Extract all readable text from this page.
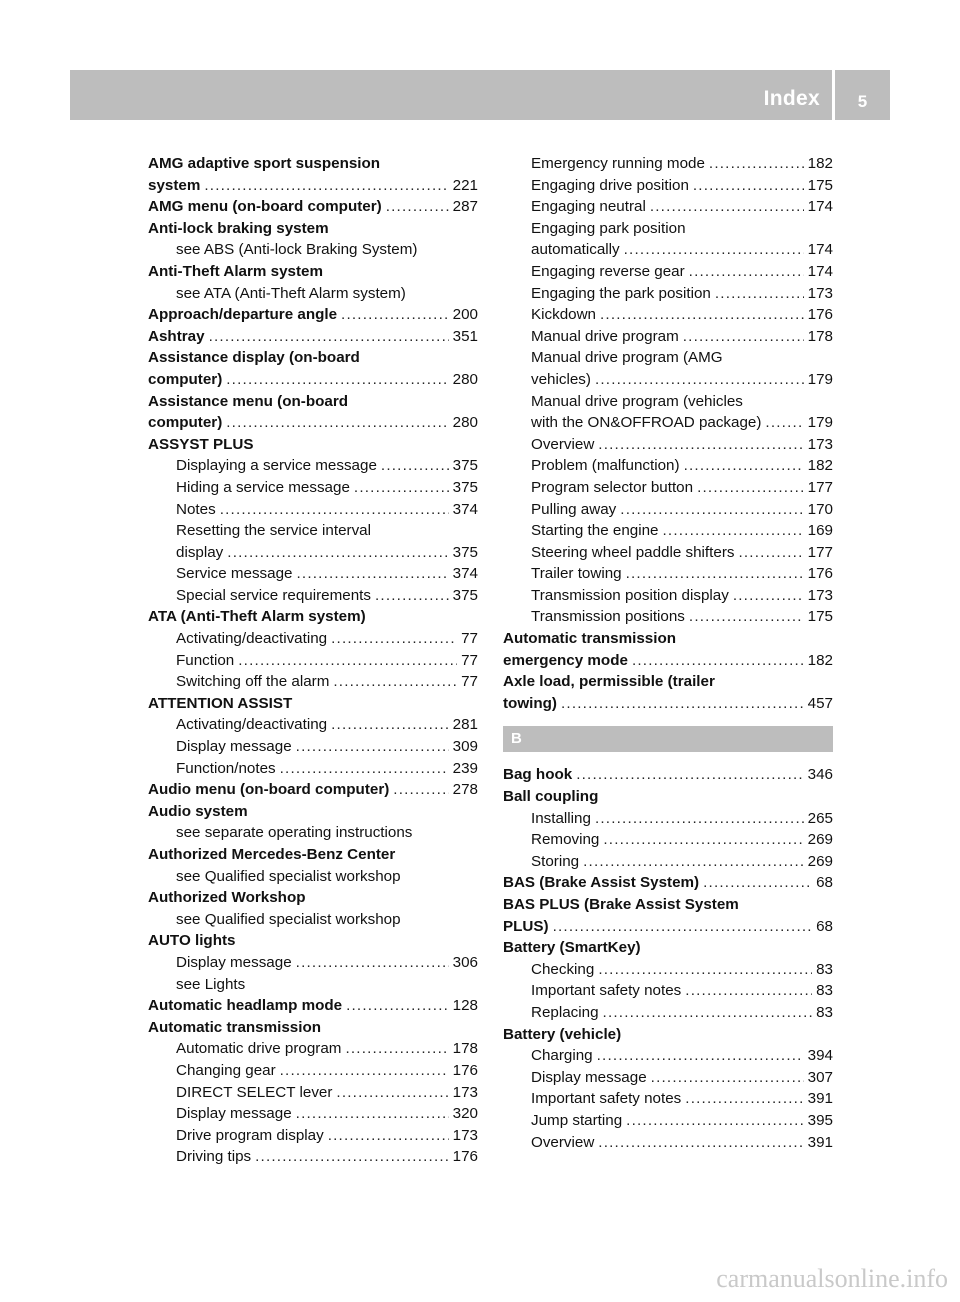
Index	5
AMG adaptive sport suspension
system .....	221
AMG menu (on-board computer) .....	287
Anti-lock braking system
see ABS (Anti-lock Braking System)
Anti-Theft Alarm system
see ATA (Anti-Theft Alarm system)
Approach/departure angle .....	200
Ashtray .....	351
Assistance display (on-board
computer) .....	280
Assistance menu (on-board
computer) .....	280
ASSYST PLUS
Displaying a service message .....	375
Hiding a service message .....	375
Notes .....	374
Resetting the service interval
display .....	375
Service message .....	374
Special service requirements .....	375
ATA (Anti-Theft Alarm system)
Activating/deactivating .....	77
Function .....	77
Switching off the alarm .....	77
ATTENTION ASSIST
Activating/deactivating .....	281
Display message .....	309
Function/notes .....	239
Audio menu (on-board computer) .....	278
Audio system
see separate operating instructions
Authorized Mercedes-Benz Center
see Qualified specialist workshop
Authorized Workshop
see Qualified specialist workshop
AUTO lights
Display message .....	306
see Lights
Automatic headlamp mode .....	128
Automatic transmission
Automatic drive program .....	178
Changing gear .....	176
DIRECT SELECT lever .....	173
Display message .....	320
Drive program display .....	173
Driving tips .....	176
Emergency running mode .....	182
Engaging drive position .....	175
Engaging neutral .....	174
Engaging park position
automatically .....	174
Engaging reverse gear .....	174
Engaging the park position .....	173
Kickdown .....	176
Manual drive program .....	178
Manual drive program (AMG
vehicles) .....	179
Manual drive program (vehicles
with the ON&OFFROAD package) .....	179
Overview .....	173
Problem (malfunction) .....	182
Program selector button .....	177
Pulling away .....	170
Starting the engine .....	169
Steering wheel paddle shifters .....	177
Trailer towing .....	176
Transmission position display .....	173
Transmission positions .....	175
Automatic transmission
emergency mode .....	182
Axle load, permissible (trailer
towing) .....	457
B
Bag hook .....	346
Ball coupling
Installing .....	265
Removing .....	269
Storing .....	269
BAS (Brake Assist System) .....	68
BAS PLUS (Brake Assist System
PLUS) .....	68
Battery (SmartKey)
Checking .....	83
Important safety notes .....	83
Replacing .....	83
Battery (vehicle)
Charging .....	394
Display message .....	307
Important safety notes .....	391
Jump starting .....	395
Overview .....	391
carmanualsonline.info
